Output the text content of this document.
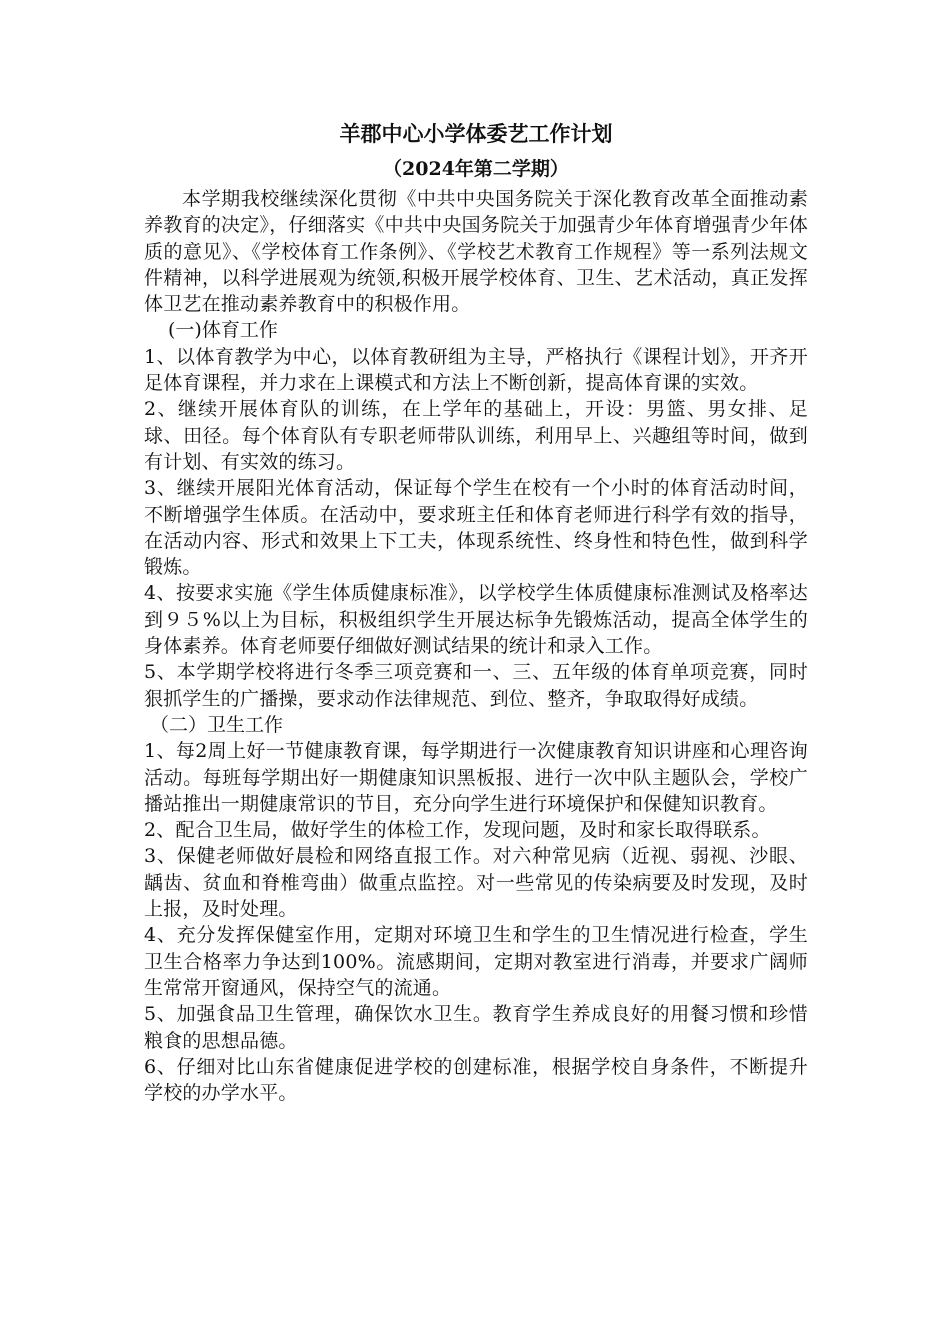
羊郡中心小学体委艺工作计划
（2024年第二学期）

本学期我校继续深化贯彻《中共中央国务院关于深化教育改革全面推动素养教育的决定》，仔细落实《中共中央国务院关于加强青少年体育增强青少年体质的意见》、《学校体育工作条例》、《学校艺术教育工作规程》等一系列法规文件精神，以科学进展观为统领,积极开展学校体育、卫生、艺术活动，真正发挥体卫艺在推动素养教育中的积极作用。

(一)体育工作

1、以体育教学为中心，以体育教研组为主导，严格执行《课程计划》，开齐开足体育课程，并力求在上课模式和方法上不断创新，提高体育课的实效。

2、继续开展体育队的训练，在上学年的基础上，开设：男篮、男女排、足球、田径。每个体育队有专职老师带队训练，利用早上、兴趣组等时间，做到有计划、有实效的练习。

3、继续开展阳光体育活动，保证每个学生在校有一个小时的体育活动时间，不断增强学生体质。在活动中，要求班主任和体育老师进行科学有效的指导，在活动内容、形式和效果上下工夫，体现系统性、终身性和特色性，做到科学锻炼。

4、按要求实施《学生体质健康标准》，以学校学生体质健康标准测试及格率达到９５%以上为目标，积极组织学生开展达标争先锻炼活动，提高全体学生的身体素养。体育老师要仔细做好测试结果的统计和录入工作。

5、本学期学校将进行冬季三项竞赛和一、三、五年级的体育单项竞赛，同时狠抓学生的广播操，要求动作法律规范、到位、整齐，争取取得好成绩。

（二）卫生工作

1、每2周上好一节健康教育课，每学期进行一次健康教育知识讲座和心理咨询活动。每班每学期出好一期健康知识黑板报、进行一次中队主题队会，学校广播站推出一期健康常识的节目，充分向学生进行环境保护和保健知识教育。

2、配合卫生局，做好学生的体检工作，发现问题，及时和家长取得联系。

3、保健老师做好晨检和网络直报工作。对六种常见病（近视、弱视、沙眼、龋齿、贫血和脊椎弯曲）做重点监控。对一些常见的传染病要及时发现，及时上报，及时处理。

4、充分发挥保健室作用，定期对环境卫生和学生的卫生情况进行检查，学生卫生合格率力争达到100%。流感期间，定期对教室进行消毒，并要求广阔师生常常开窗通风，保持空气的流通。

5、加强食品卫生管理，确保饮水卫生。教育学生养成良好的用餐习惯和珍惜粮食的思想品德。

6、仔细对比山东省健康促进学校的创建标准，根据学校自身条件，不断提升学校的办学水平。
